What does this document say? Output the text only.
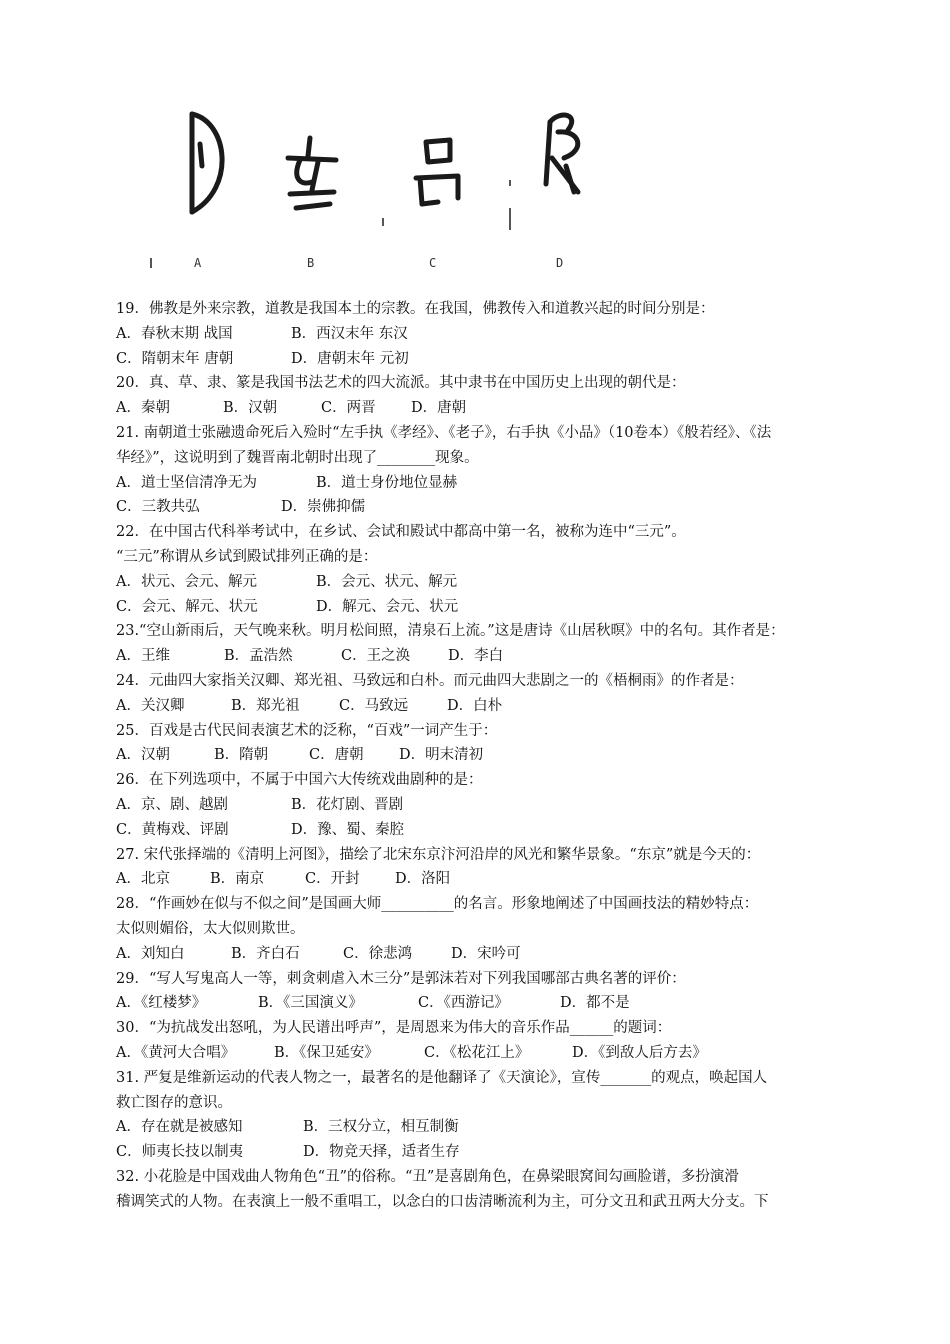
A	B	C	D
19．佛教是外来宗教，道教是我国本土的宗教。在我国，佛教传入和道教兴起的时间分别是：
A．春秋末期 战国	B．西汉末年 东汉
C．隋朝末年 唐朝	D．唐朝末年 元初
20．真、草、隶、篆是我国书法艺术的四大流派。其中隶书在中国历史上出现的朝代是：
A．秦朝	B．汉朝	C．两晋 D．唐朝
21. 南朝道士张融遗命死后入殓时“左手执《孝经》、《老子》，右手执《小品》（10卷本）《般若经》、《法
华经》”，这说明到了魏晋南北朝时出现了________现象。
A．道士坚信清净无为	B．道士身份地位显赫
C．三教共弘	D．崇佛抑儒
22．在中国古代科举考试中，在乡试、会试和殿试中都高中第一名，被称为连中“三元”。
“三元”称谓从乡试到殿试排列正确的是：
A．状元、会元、解元	B．会元、状元、解元
C．会元、解元、状元	D．解元、会元、状元
23.“空山新雨后，天气晚来秋。明月松间照，清泉石上流。”这是唐诗《山居秋暝》中的名句。其作者是：
A．王维	B．孟浩然	C．王之涣	D．李白
24．元曲四大家指关汉卿、郑光祖、马致远和白朴。而元曲四大悲剧之一的《梧桐雨》的作者是：
A．关汉卿	B．郑光祖	C．马致远	D．白朴
25．百戏是古代民间表演艺术的泛称，“百戏”一词产生于：
A．汉朝	B．隋朝	C．唐朝 D．明末清初
26．在下列选项中，不属于中国六大传统戏曲剧种的是：
A．京、剧、越剧	B．花灯剧、晋剧
C．黄梅戏、评剧	D．豫、蜀、秦腔
27. 宋代张择端的《清明上河图》，描绘了北宋东京汴河沿岸的风光和繁华景象。“东京”就是今天的：
A．北京	B．南京	C．开封 D．洛阳
28．“作画妙在似与不似之间”是国画大师__________的名言。形象地阐述了中国画技法的精妙特点：
太似则媚俗，太大似则欺世。
A．刘知白	B．齐白石	C．徐悲鸿	D．宋吟可
29．“写人写鬼高人一等，刺贪刺虐入木三分”是郭沫若对下列我国哪部古典名著的评价：
A．《红楼梦》	B．《三国演义》	C．《西游记》	D．都不是
30．“为抗战发出怒吼，为人民谱出呼声”，是周恩来为伟大的音乐作品______的题词：
A．《黄河大合唱》	B．《保卫延安》	C．《松花江上》	D．《到敌人后方去》
31. 严复是维新运动的代表人物之一，最著名的是他翻译了《天演论》，宣传_______的观点，唤起国人
救亡图存的意识。
A．存在就是被感知	B．三权分立，相互制衡
C．师夷长技以制夷	D．物竞天择，适者生存
32. 小花脸是中国戏曲人物角色“丑”的俗称。“丑”是喜剧角色，在鼻梁眼窝间勾画脸谱，多扮演滑
稽调笑式的人物。在表演上一般不重唱工，以念白的口齿清晰流利为主，可分文丑和武丑两大分支。下
